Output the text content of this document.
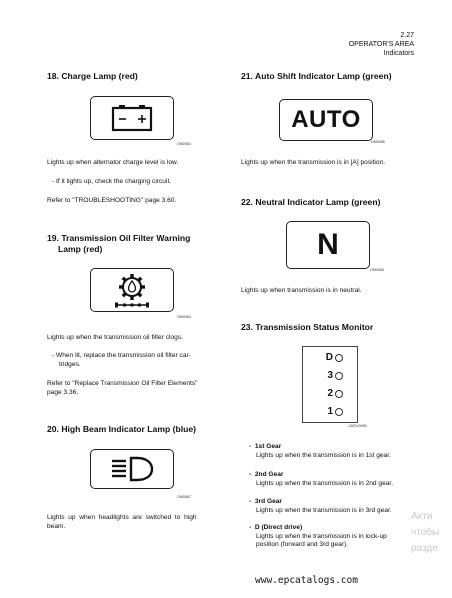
2.27
OPERATOR'S AREA
Indicators
18. Charge Lamp (red)
OM0083
Lights up when alternator charge level is low.
- If it lights up, check the charging circuit.
Refer to "TROUBLESHOOTING" page 3.60.
19. Transmission Oil Filter Warning
Lamp (red)
OM0084
Lights up when the transmission oil filter clogs.
- When lit, replace the transmission oil filter car-
tridges.
Refer to "Replace Transmission Oil Filter Elements"
page 3.36.
20. High Beam Indicator Lamp (blue)
OM0087
Lights  up  when  headlights  are  switched  to  high
beam.
21. Auto Shift Indicator Lamp (green)
AUTO
OM0085
Lights up when the transmission is in [A] position.
22. Neutral Indicator Lamp (green)
N
OM0089
Lights up when transmission is in neutral.
23. Transmission Status Monitor
D
3
2
1
135ZV0065
-  1st Gear
Lights up when the transmission is in 1st gear.
-  2nd Gear
Lights up when the transmission is in 2nd gear.
-  3rd Gear
Lights up when the transmission is in 3rd gear.
-  D (Direct drive)
Lights up when the transmission is in lock-up
position (forward and 3rd gear).
Акти
чтобы
разде
www.epcatalogs.com
